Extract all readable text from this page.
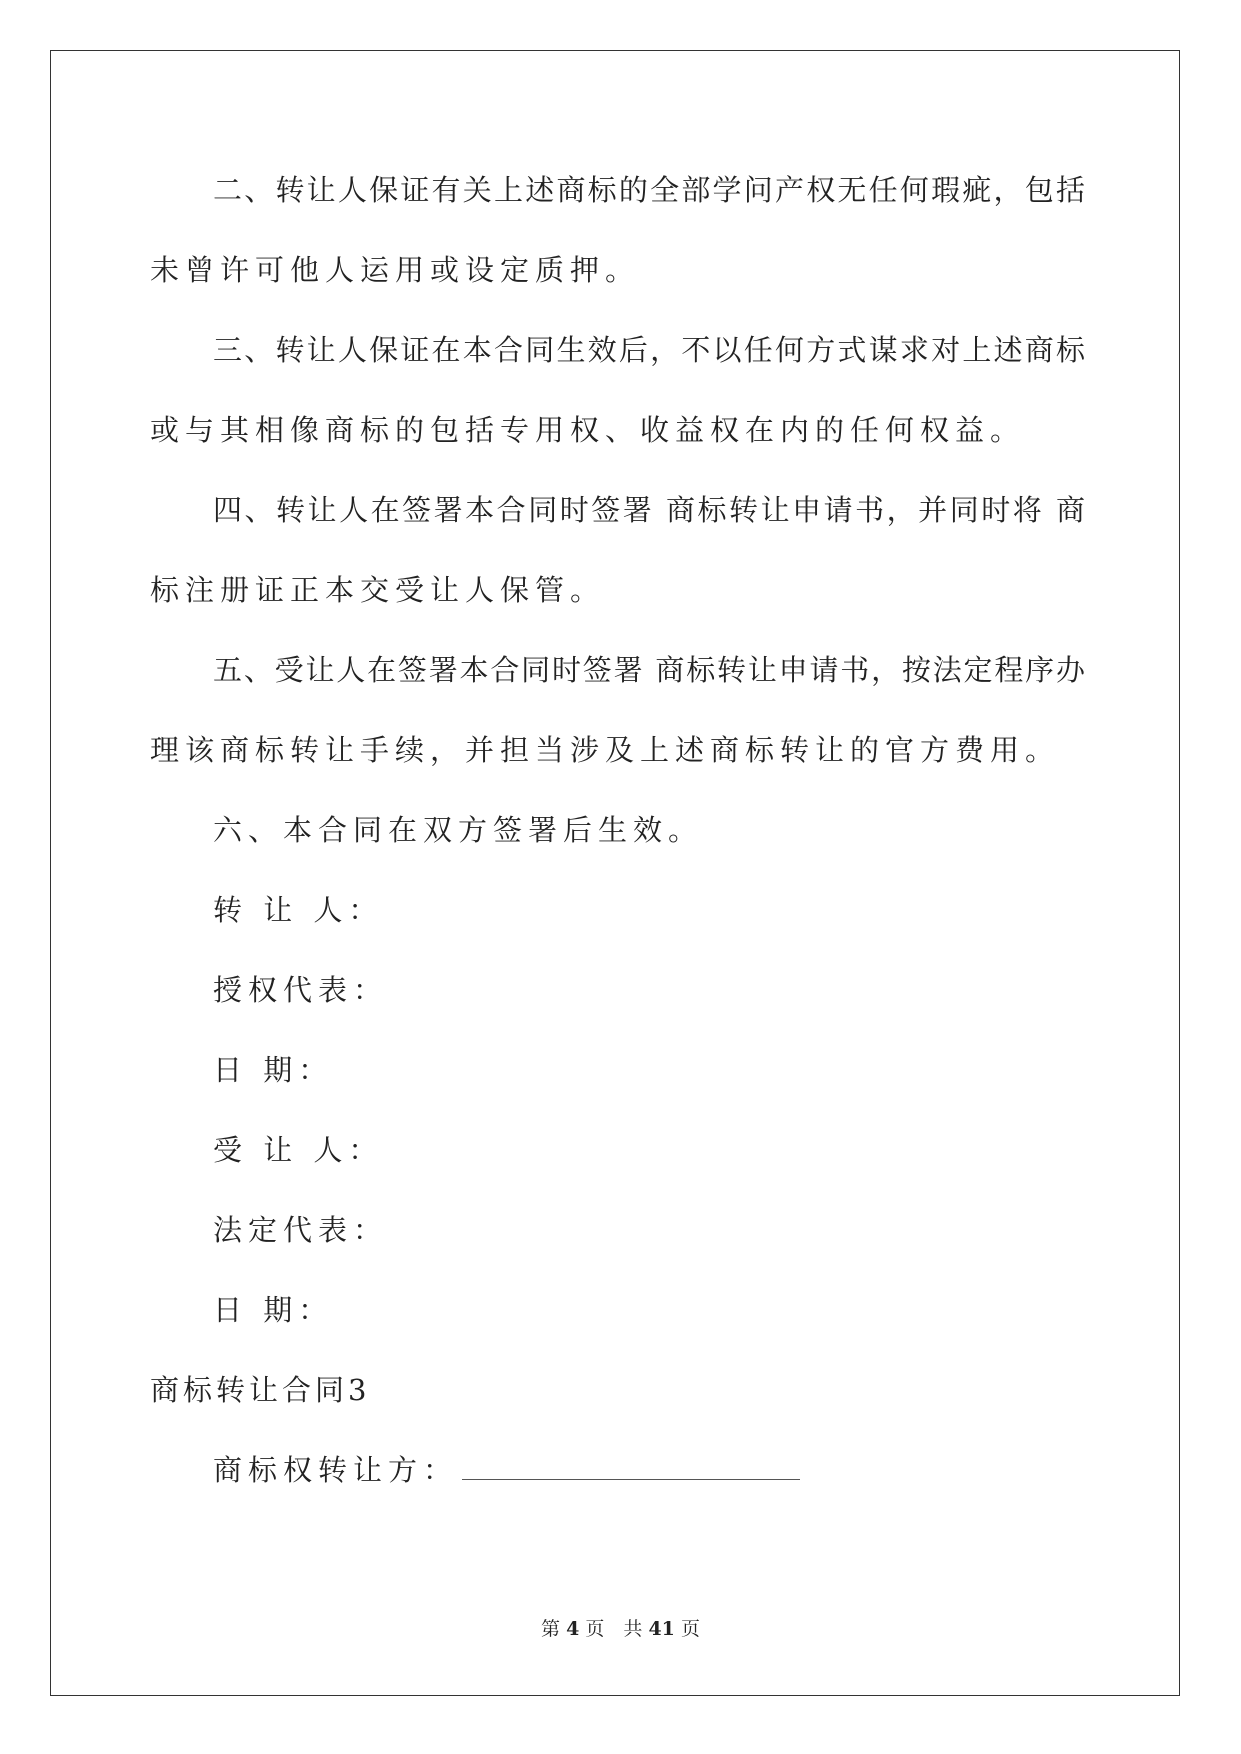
二、转让人保证有关上述商标的全部学问产权无任何瑕疵，包括
未曾许可他人运用或设定质押。
三、转让人保证在本合同生效后，不以任何方式谋求对上述商标
或与其相像商标的包括专用权、收益权在内的任何权益。
四、转让人在签署本合同时签署 商标转让申请书，并同时将 商
标注册证正本交受让人保管。
五、受让人在签署本合同时签署 商标转让申请书，按法定程序办
理该商标转让手续，并担当涉及上述商标转让的官方费用。
六、本合同在双方签署后生效。
转 让 人：
授权代表：
日 期：
受 让 人：
法定代表：
日 期：
商标转让合同3
商标权转让方：
第 4 页　共 41 页
